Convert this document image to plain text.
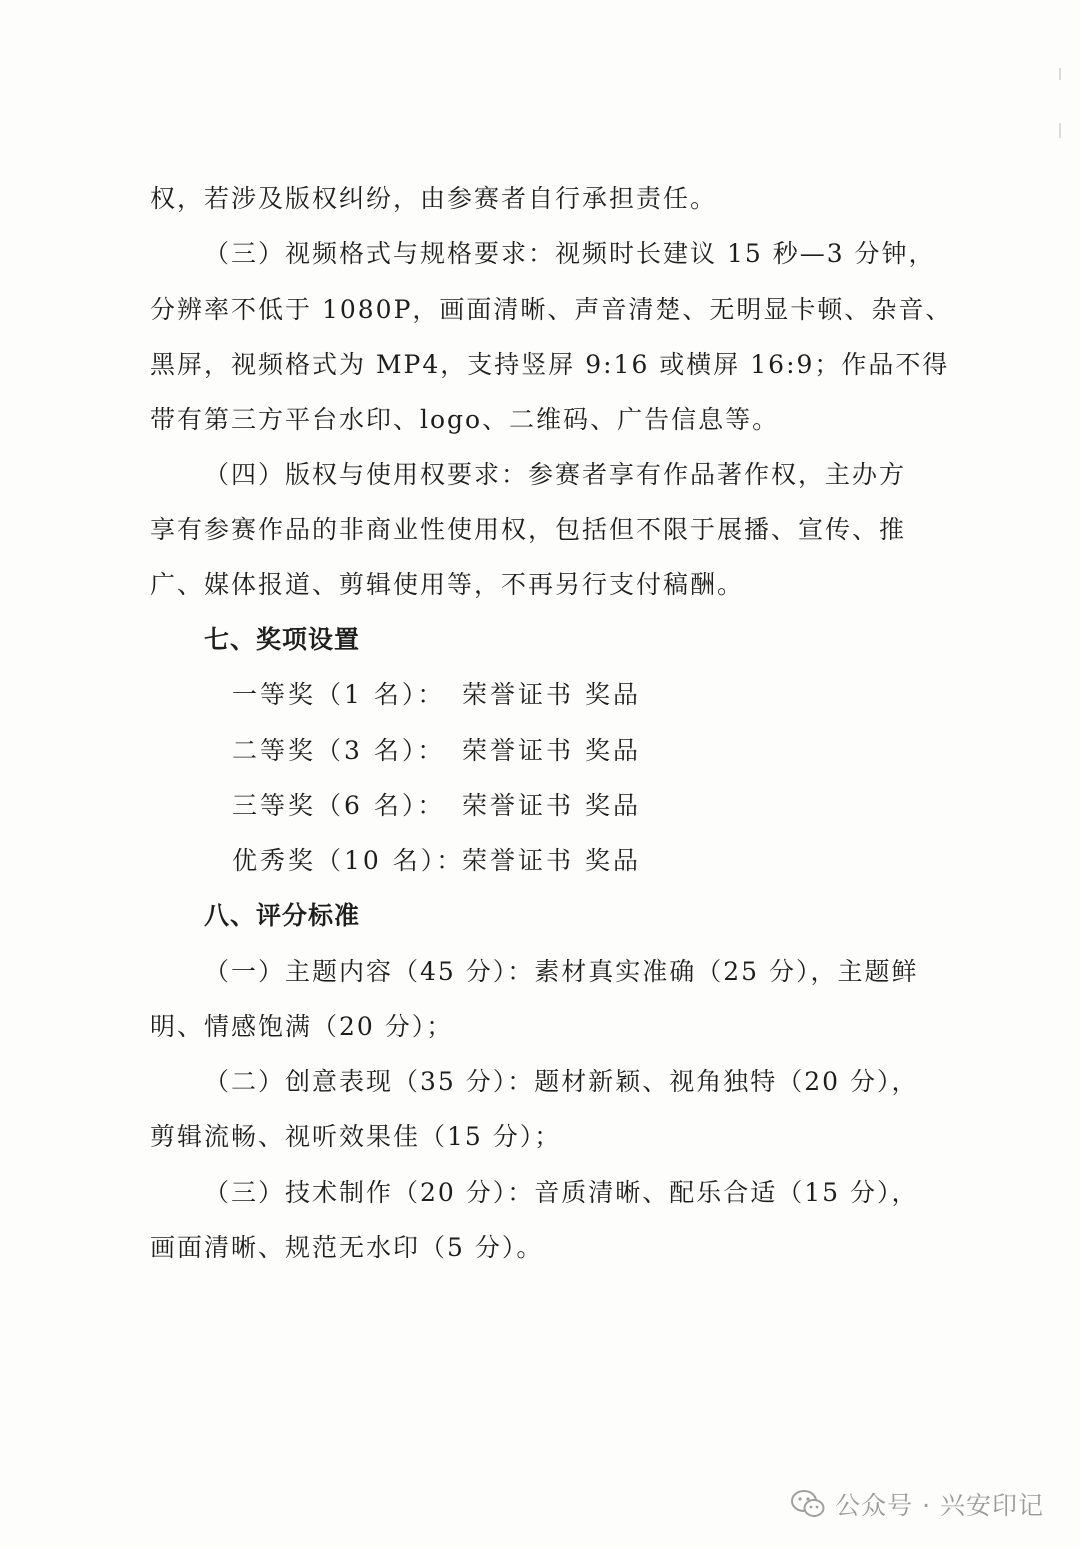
权，若涉及版权纠纷，由参赛者自行承担责任。
（三）视频格式与规格要求：视频时长建议 15 秒—3 分钟，
分辨率不低于 1080P，画面清晰、声音清楚、无明显卡顿、杂音、
黑屏，视频格式为 MP4，支持竖屏 9:16 或横屏 16:9；作品不得
带有第三方平台水印、logo、二维码、广告信息等。
（四）版权与使用权要求：参赛者享有作品著作权，主办方
享有参赛作品的非商业性使用权，包括但不限于展播、宣传、推
广、媒体报道、剪辑使用等，不再另行支付稿酬。
七、奖项设置
一等奖（1 名）： 荣誉证书 奖品
二等奖（3 名）： 荣誉证书 奖品
三等奖（6 名）： 荣誉证书 奖品
优秀奖（10 名）：
荣誉证书 奖品
八、评分标准
（一）主题内容（45 分）：素材真实准确（25 分），主题鲜
明、情感饱满（20 分）；
（二）创意表现（35 分）：题材新颖、视角独特（20 分），
剪辑流畅、视听效果佳（15 分）；
（三）技术制作（20 分）：音质清晰、配乐合适（15 分），
画面清晰、规范无水印（5 分）。
公众号 · 兴安印记
